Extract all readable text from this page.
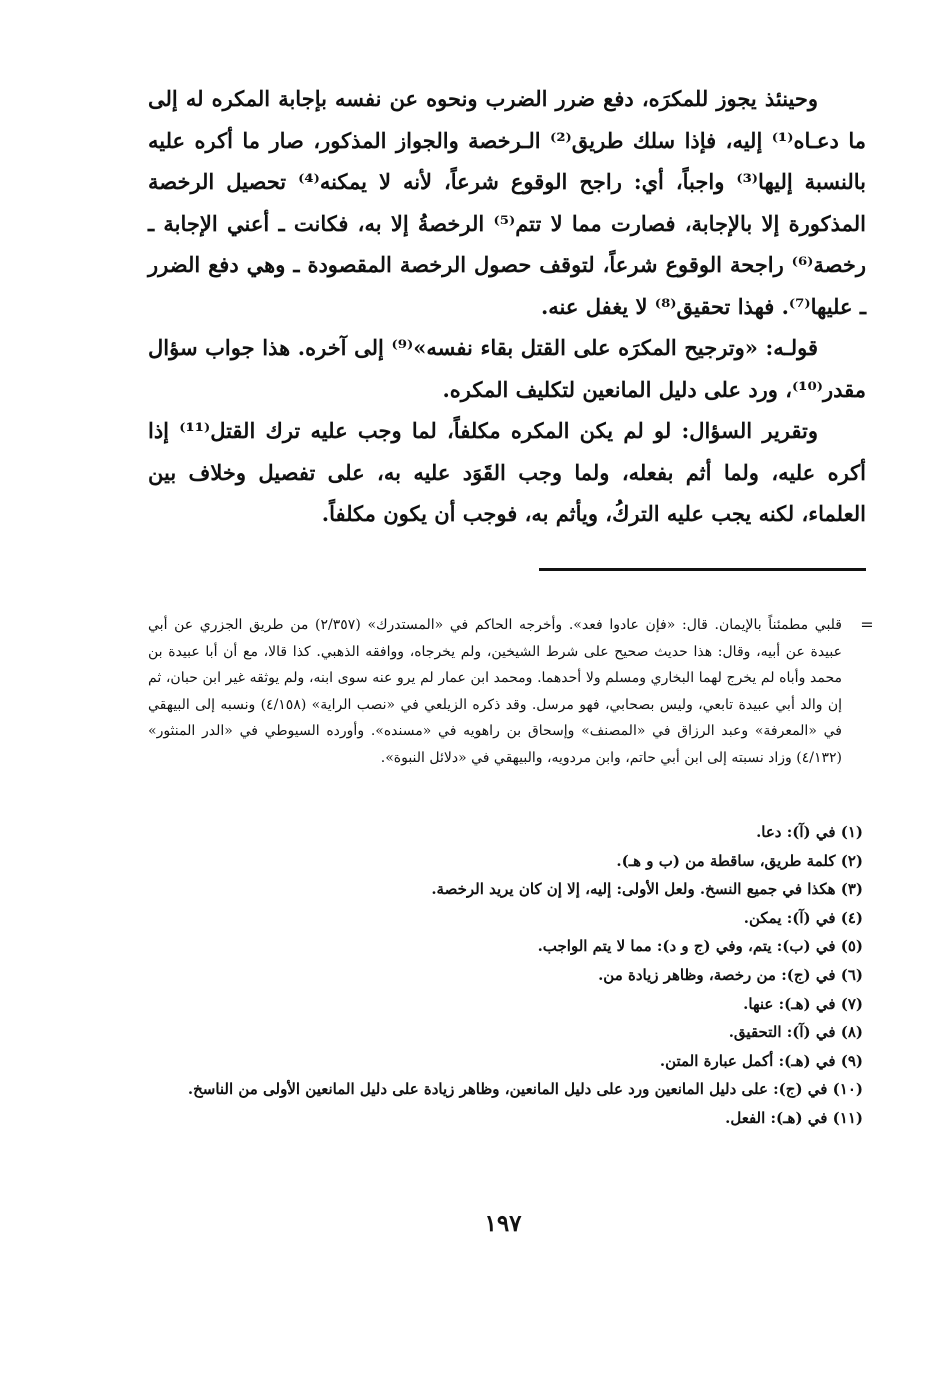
وحينئذ يجوز للمكرَه، دفع ضرر الضرب ونحوه عن نفسه بإجابة المكره له إلى ما دعـاه⁽¹⁾ إليه، فإذا سلك طريق⁽²⁾ الـرخصة والجواز المذكور، صار ما أكره عليه بالنسبة إليها⁽³⁾ واجباً، أي: راجح الوقوع شرعاً، لأنه لا يمكنه⁽⁴⁾ تحصيل الرخصة المذكورة إلا بالإجابة، فصارت مما لا تتم⁽⁵⁾ الرخصةُ إلا به، فكانت ـ أعني الإجابة ـ رخصة⁽⁶⁾ راجحة الوقوع شرعاً، لتوقف حصول الرخصة المقصودة ـ وهي دفع الضرر ـ عليها⁽⁷⁾. فهذا تحقيق⁽⁸⁾ لا يغفل عنه.

قولـه: «وترجيح المكرَه على القتل بقاء نفسه»⁽⁹⁾ إلى آخره. هذا جواب سؤال مقدر⁽¹⁰⁾، ورد على دليل المانعين لتكليف المكره.

وتقرير السؤال: لو لم يكن المكره مكلفاً، لما وجب عليه ترك القتل⁽¹¹⁾ إذا أكره عليه، ولما أثم بفعله، ولما وجب القَوَد عليه به، على تفصيل وخلاف بين العلماء، لكنه يجب عليه التركُ، ويأثم به، فوجب أن يكون مكلفاً.

=
قلبي مطمئناً بالإيمان. قال: «فإن عادوا فعد». وأخرجه الحاكم في «المستدرك» (٢/٣٥٧) من طريق الجزري عن أبي عبيدة عن أبيه، وقال: هذا حديث صحيح على شرط الشيخين، ولم يخرجاه، ووافقه الذهبي. كذا قالا، مع أن أبا عبيدة بن محمد وأباه لم يخرج لهما البخاري ومسلم ولا أحدهما. ومحمد ابن عمار لم يرو عنه سوى ابنه، ولم يوثقه غير ابن حبان، ثم إن والد أبي عبيدة تابعي، وليس بصحابي، فهو مرسل. وقد ذكره الزيلعي في «نصب الراية» (٤/١٥٨) ونسبه إلى البيهقي في «المعرفة» وعبد الرزاق في «المصنف» وإسحاق بن راهويه في «مسنده». وأورده السيوطي في «الدر المنثور» (٤/١٣٢) وزاد نسبته إلى ابن أبي حاتم، وابن مردويه، والبيهقي في «دلائل النبوة».

(١) في (آ): دعا.

(٢) كلمة طريق، ساقطة من (ب و هـ).

(٣) هكذا في جميع النسخ. ولعل الأولى: إليه، إلا إن كان يريد الرخصة.

(٤) في (آ): يمكن.

(٥) في (ب): يتم، وفي (ج و د): مما لا يتم الواجب.

(٦) في (ج): من رخصة، وظاهر زيادة من.

(٧) في (هـ): عنها.

(٨) في (آ): التحقيق.

(٩) في (هـ): أكمل عبارة المتن.

(١٠) في (ج): على دليل المانعين ورد على دليل المانعين، وظاهر زيادة على دليل المانعين الأولى من الناسخ.

(١١) في (هـ): الفعل.

١٩٧
